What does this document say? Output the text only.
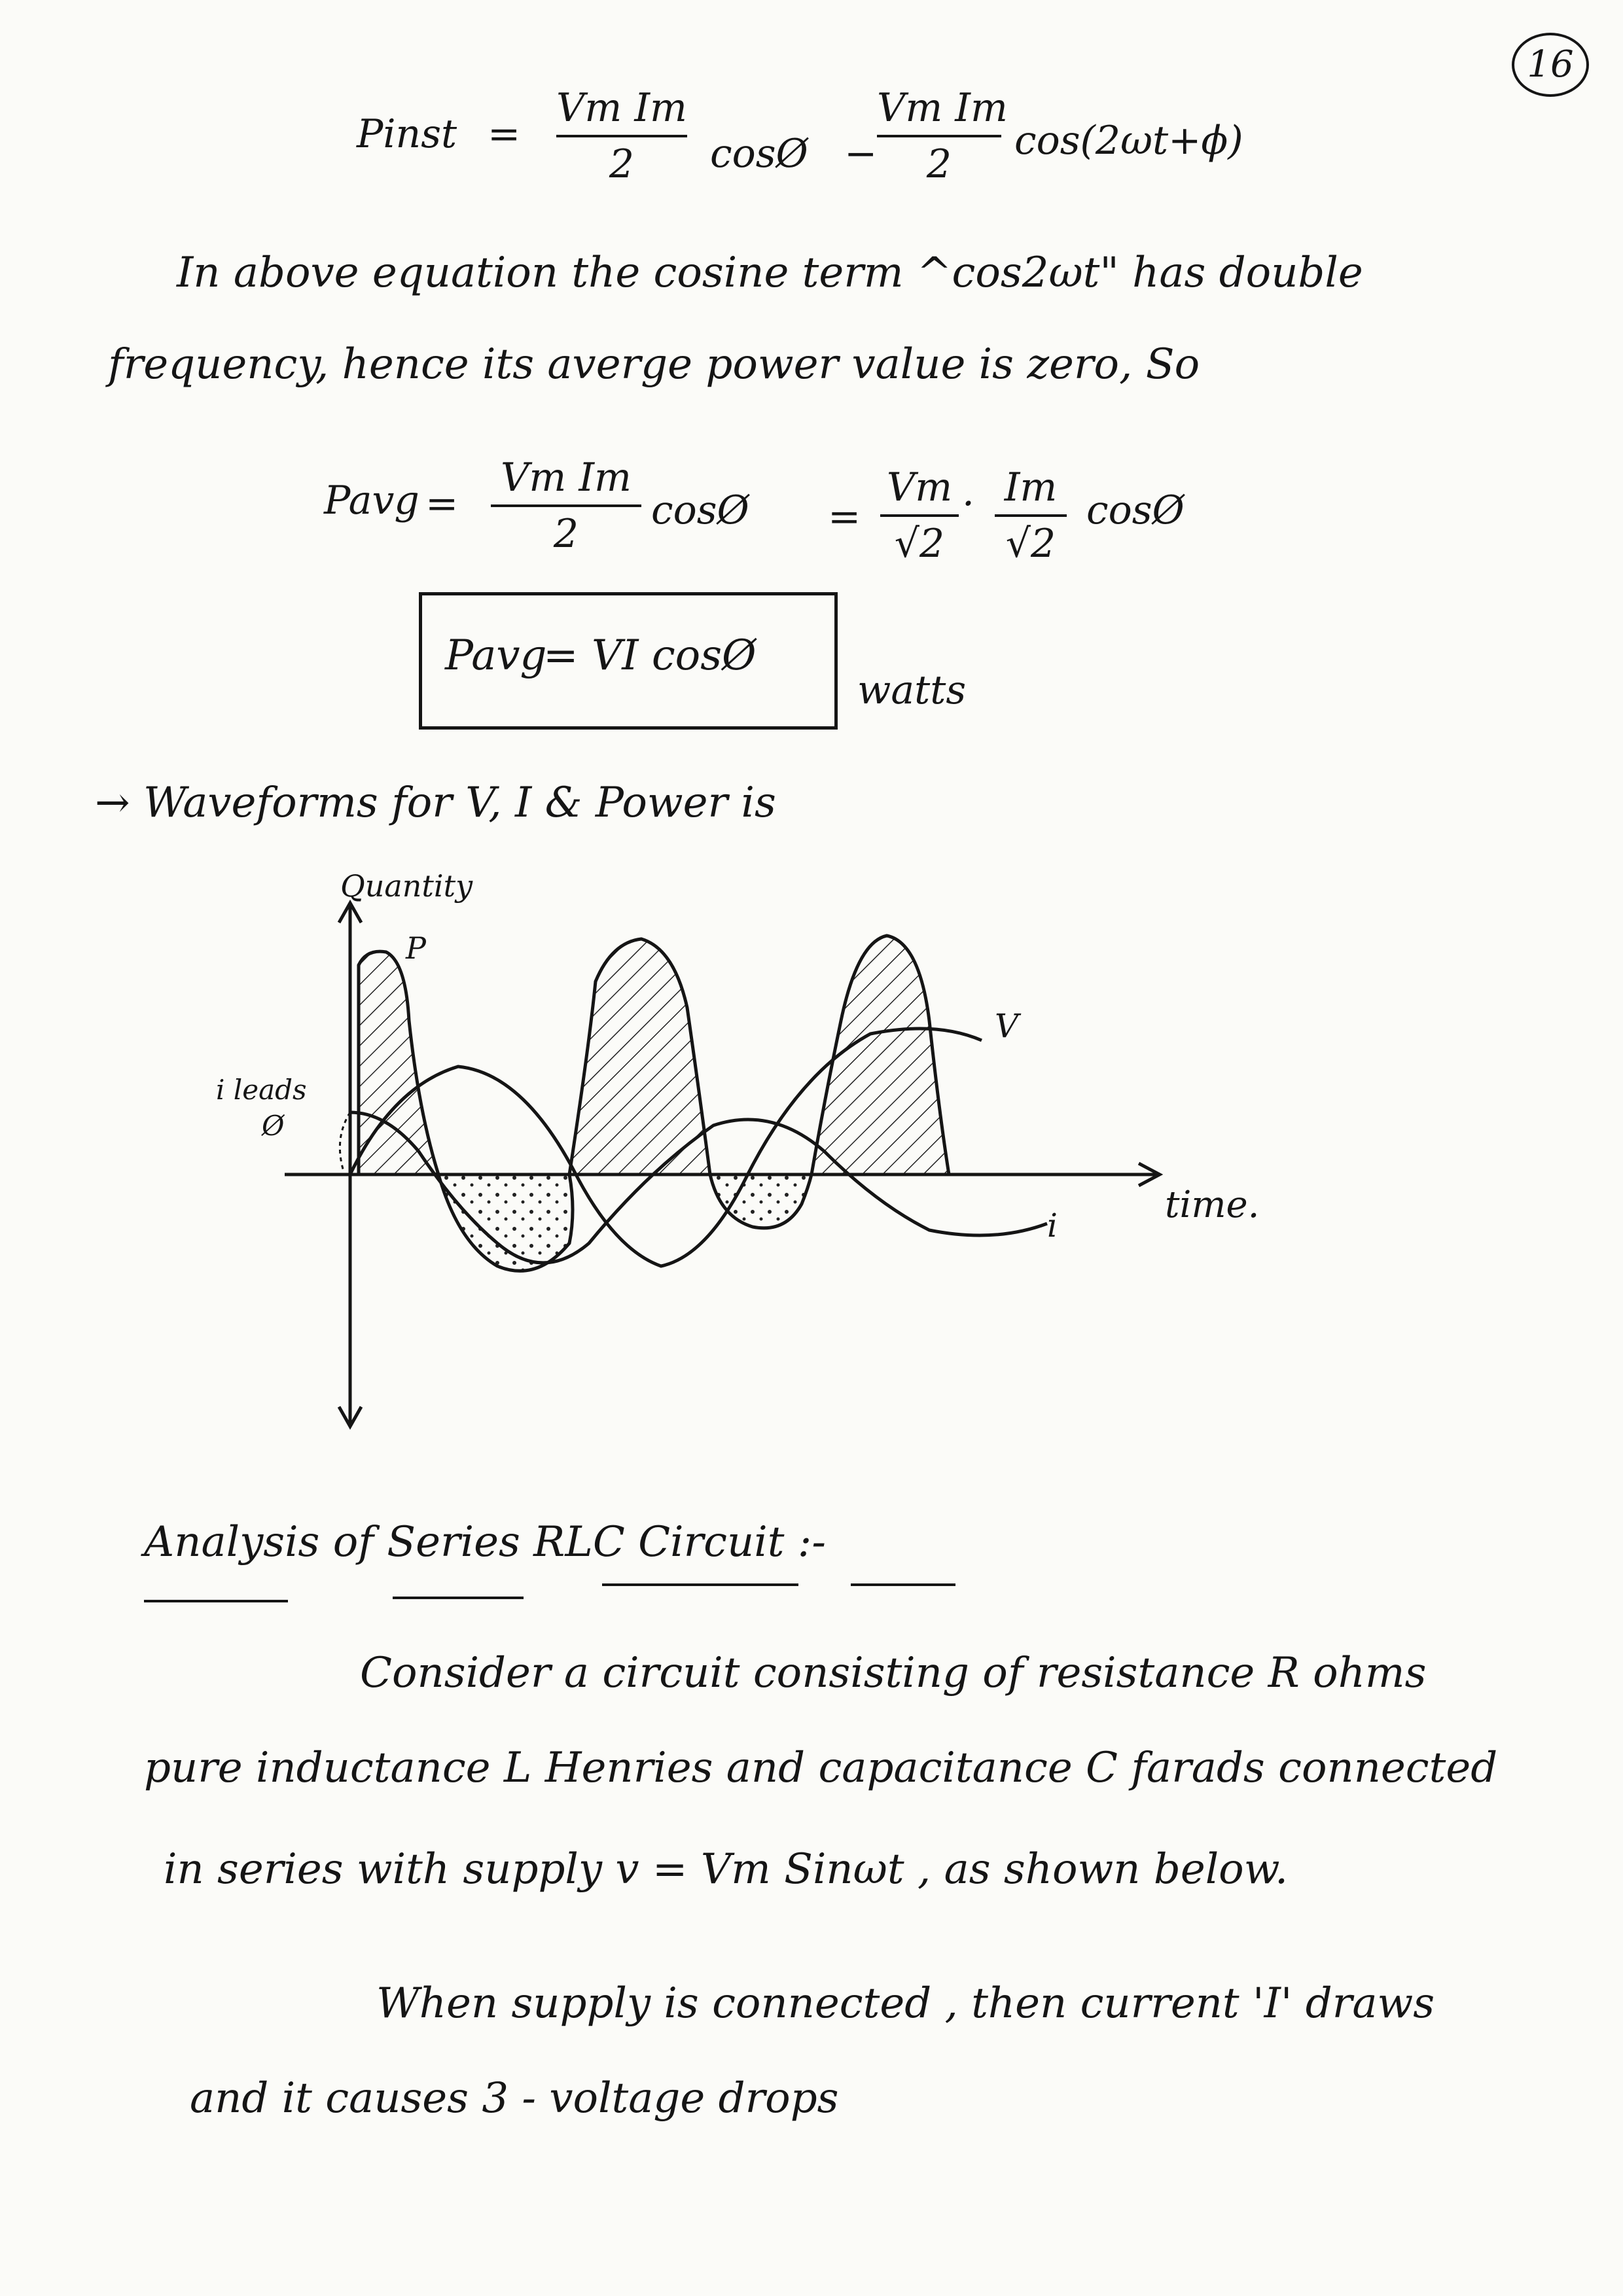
16
Pinst =
Vm Im
2	cosØ −
Vm Im
2
cos(2ωt+ϕ)
In above equation the cosine term ^cos2ωt" has double
frequency, hence its averge power value is zero, So
Pavg =
Vm Im
2
cosØ =
Vm
√2
· Im
√2
cosØ
Pavg
= VI cosØ
watts
→ Waveforms for V, I & Power is
Quantity
P
V
i	time.
i leads
Ø
Analysis of Series RLC Circuit :-
Consider a circuit consisting of resistance R ohms
pure inductance L Henries and capacitance C farads connected
in series with supply v = Vm Sinωt , as shown below.
When supply is connected , then current 'I' draws
and it causes 3 - voltage drops
